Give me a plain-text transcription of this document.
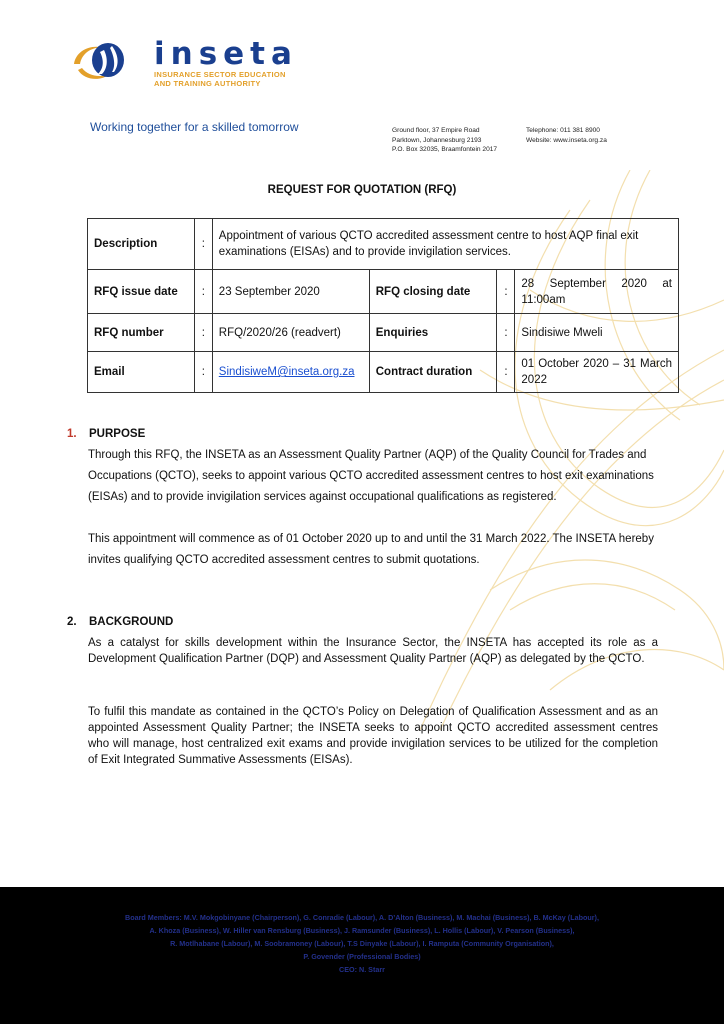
inseta
INSURANCE SECTOR EDUCATION
AND TRAINING AUTHORITY
Working together for a skilled tomorrow	Ground floor, 37 Empire Road
Parktown, Johannesburg 2193
P.O. Box 32035, Braamfontein 2017
Telephone: 011 381 8900
Website: www.inseta.org.za
REQUEST FOR QUOTATION (RFQ)
Description	:	Appointment of various QCTO accredited assessment centre to host AQP final exit examinations (EISAs) and to provide invigilation services.			
RFQ issue date	:	23 September 2020	RFQ closing date	:	28 September 2020 at 11:00am
RFQ number	:	RFQ/2020/26 (readvert)	Enquiries	:	Sindisiwe Mweli
Email	:	SindisiweM@inseta.org.za	Contract duration	:	01 October 2020 – 31 March 2022
1. PURPOSE
Through this RFQ, the INSETA as an Assessment Quality Partner (AQP) of the Quality Council for Trades and Occupations (QCTO), seeks to appoint various QCTO accredited assessment centres to host exit examinations (EISAs) and to provide invigilation services against occupational qualifications as registered.
This appointment will commence as of 01 October 2020 up to and until the 31 March 2022. The INSETA hereby invites qualifying QCTO accredited assessment centres to submit quotations.
2. BACKGROUND
As a catalyst for skills development within the Insurance Sector, the INSETA has accepted its role as a Development Qualification Partner (DQP) and Assessment Quality Partner (AQP) as delegated by the QCTO.
To fulfil this mandate as contained in the QCTO’s Policy on Delegation of Qualification Assessment and as an appointed Assessment Quality Partner; the INSETA seeks to appoint QCTO accredited assessment centres who will manage, host centralized exit exams and provide invigilation services to be utilized for the completion of Exit Integrated Summative Assessments (EISAs).
Board Members: M.V. Mokgobinyane (Chairperson), G. Conradie (Labour), A. D’Alton (Business), M. Machai (Business), B. McKay (Labour),
A. Khoza (Business), W. Hiller van Rensburg (Business), J. Ramsunder (Business), L. Hollis (Labour), V. Pearson (Business),
R. Motlhabane (Labour), M. Soobramoney (Labour), T.S Dinyake (Labour), I. Ramputa (Community Organisation),
P. Govender (Professional Bodies)
CEO: N. Starr
